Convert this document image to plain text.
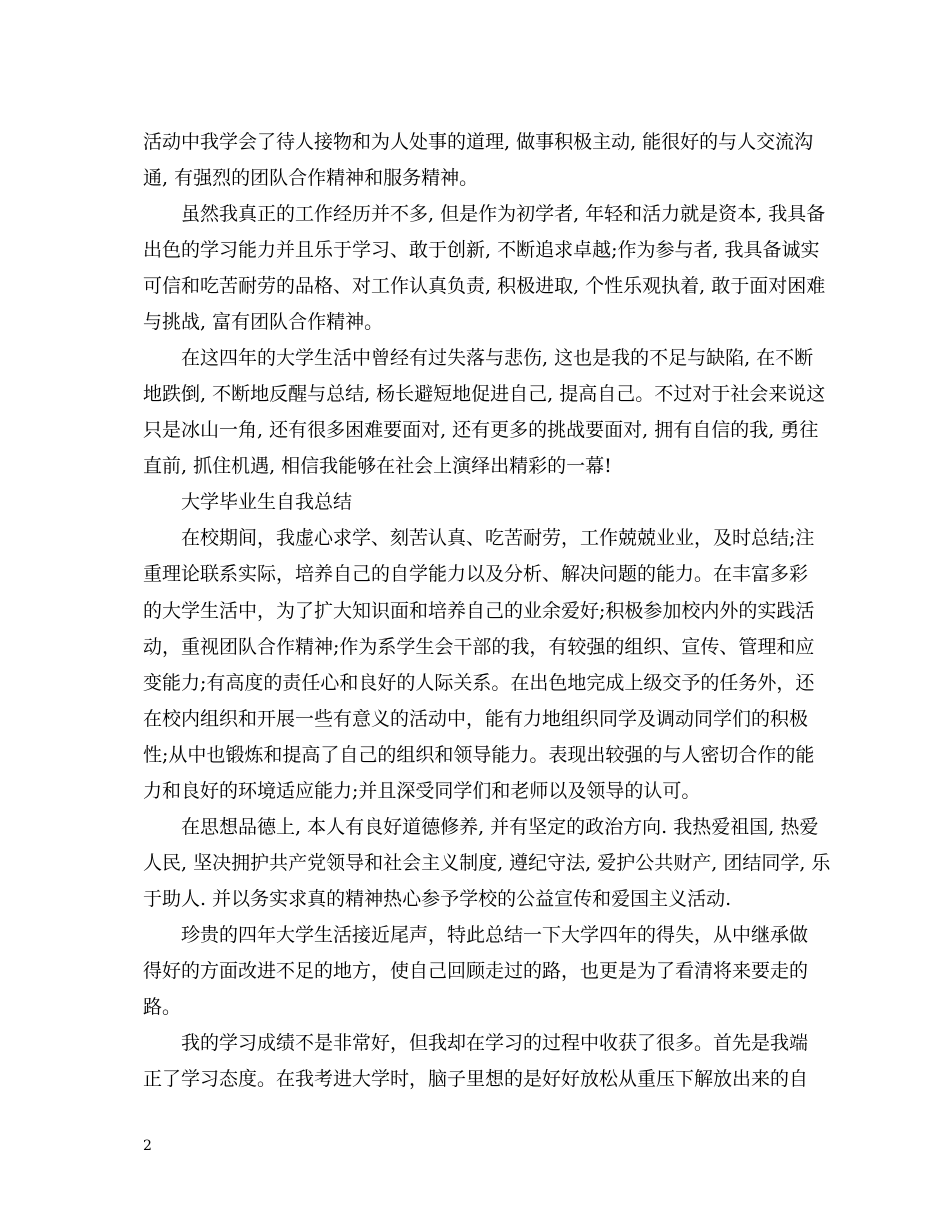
活动中我学会了待人接物和为人处事的道理, 做事积极主动, 能很好的与人交流沟
通, 有强烈的团队合作精神和服务精神。
虽然我真正的工作经历并不多, 但是作为初学者, 年轻和活力就是资本, 我具备
出色的学习能力并且乐于学习、敢于创新, 不断追求卓越;作为参与者, 我具备诚实
可信和吃苦耐劳的品格、对工作认真负责, 积极进取, 个性乐观执着, 敢于面对困难
与挑战, 富有团队合作精神。
在这四年的大学生活中曾经有过失落与悲伤, 这也是我的不足与缺陷, 在不断
地跌倒, 不断地反醒与总结, 杨长避短地促进自己, 提高自己。不过对于社会来说这
只是冰山一角, 还有很多困难要面对, 还有更多的挑战要面对, 拥有自信的我, 勇往
直前, 抓住机遇, 相信我能够在社会上演绎出精彩的一幕!
大学毕业生自我总结
在校期间，我虚心求学、刻苦认真、吃苦耐劳，工作兢兢业业，及时总结;注
重理论联系实际，培养自己的自学能力以及分析、解决问题的能力。在丰富多彩
的大学生活中，为了扩大知识面和培养自己的业余爱好;积极参加校内外的实践活
动，重视团队合作精神;作为系学生会干部的我，有较强的组织、宣传、管理和应
变能力;有高度的责任心和良好的人际关系。在出色地完成上级交予的任务外，还
在校内组织和开展一些有意义的活动中，能有力地组织同学及调动同学们的积极
性;从中也锻炼和提高了自己的组织和领导能力。表现出较强的与人密切合作的能
力和良好的环境适应能力;并且深受同学们和老师以及领导的认可。
在思想品德上, 本人有良好道德修养, 并有坚定的政治方向. 我热爱祖国, 热爱
人民, 坚决拥护共产党领导和社会主义制度, 遵纪守法, 爱护公共财产, 团结同学, 乐
于助人. 并以务实求真的精神热心参予学校的公益宣传和爱国主义活动.
珍贵的四年大学生活接近尾声，特此总结一下大学四年的得失，从中继承做
得好的方面改进不足的地方，使自己回顾走过的路，也更是为了看清将来要走的
路。
我的学习成绩不是非常好，但我却在学习的过程中收获了很多。首先是我端
正了学习态度。在我考进大学时，脑子里想的是好好放松从重压下解放出来的自
2
